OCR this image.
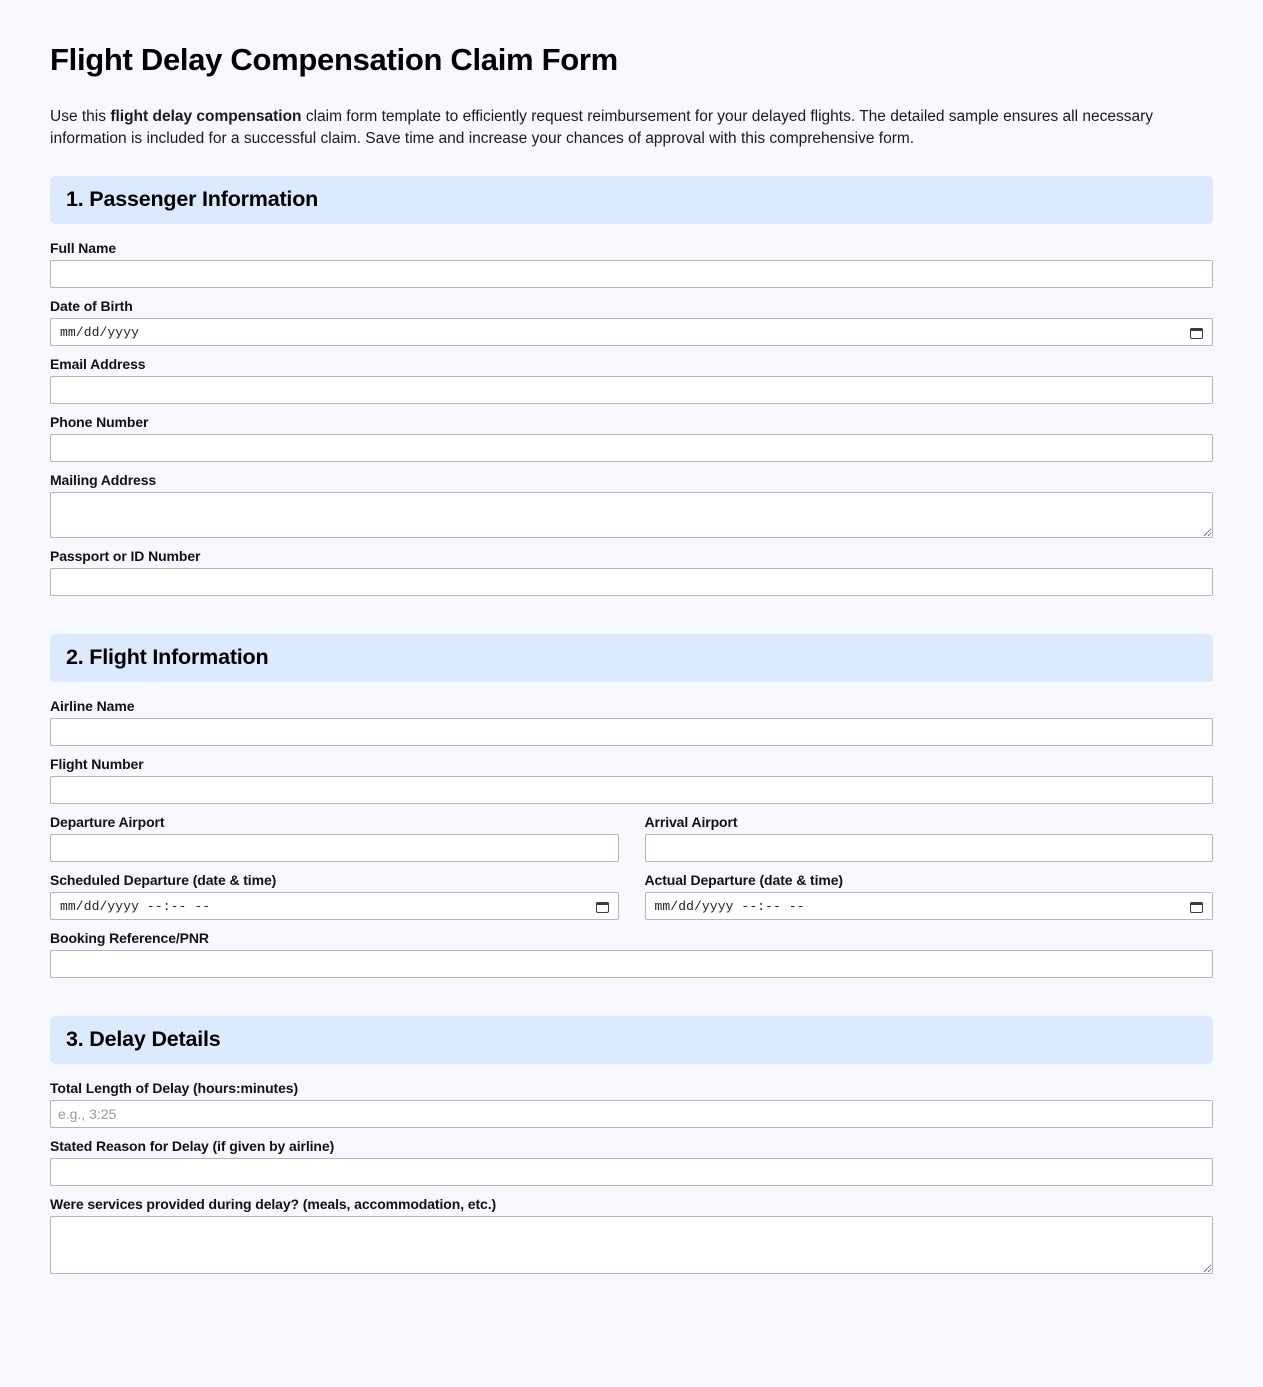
Flight Delay Compensation Claim Form

Use this flight delay compensation claim form template to efficiently request reimbursement for your delayed flights. The detailed sample ensures all necessary information is included for a successful claim. Save time and increase your chances of approval with this comprehensive form.

1. Passenger Information
Full Name
Date of Birth
mm/dd/yyyy
Email Address
Phone Number
Mailing Address
Passport or ID Number
2. Flight Information
Airline Name
Flight Number
Departure Airport	Arrival Airport
Scheduled Departure (date & time)
mm/dd/yyyy --:-- --
Actual Departure (date & time)
mm/dd/yyyy --:-- --
Booking Reference/PNR
3. Delay Details
Total Length of Delay (hours:minutes)
e.g., 3:25
Stated Reason for Delay (if given by airline)
Were services provided during delay? (meals, accommodation, etc.)
